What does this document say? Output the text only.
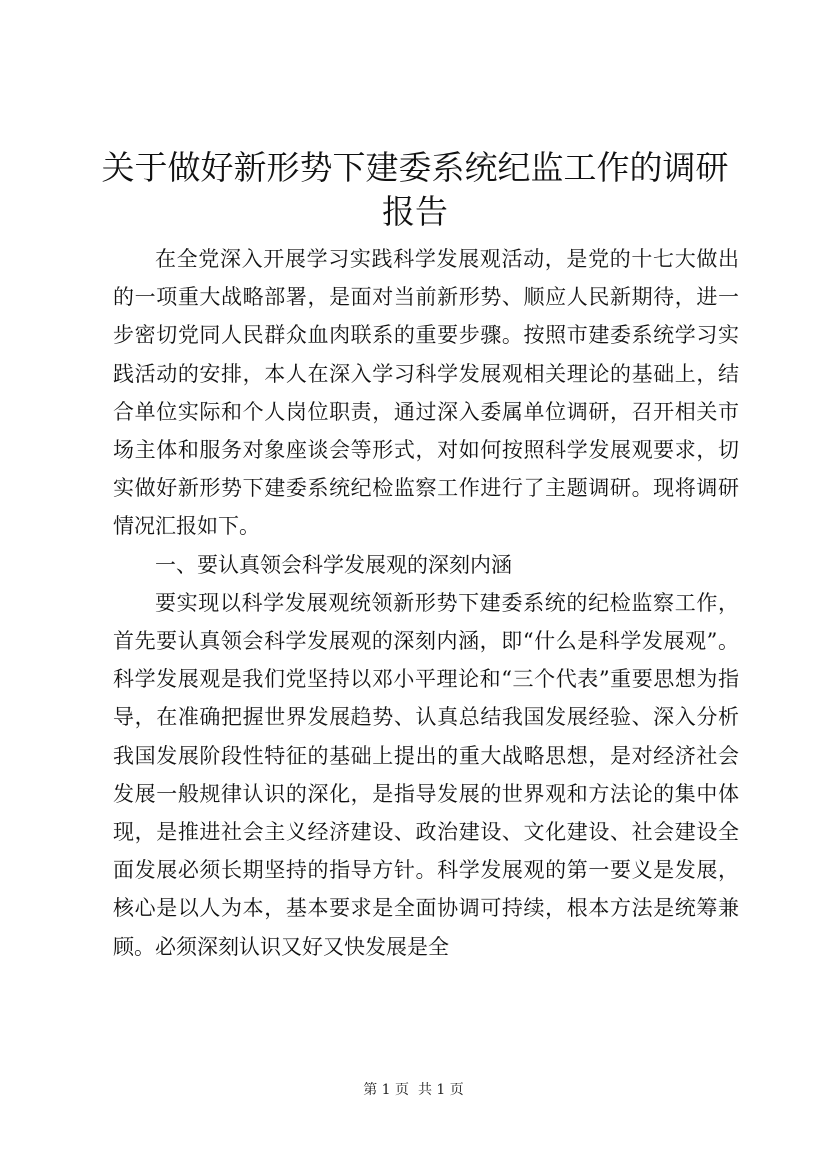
关于做好新形势下建委系统纪监工作的调研报告

在全党深入开展学习实践科学发展观活动，是党的十七大做出的一项重大战略部署，是面对当前新形势、顺应人民新期待，进一步密切党同人民群众血肉联系的重要步骤。按照市建委系统学习实践活动的安排，本人在深入学习科学发展观相关理论的基础上，结合单位实际和个人岗位职责，通过深入委属单位调研，召开相关市场主体和服务对象座谈会等形式，对如何按照科学发展观要求，切实做好新形势下建委系统纪检监察工作进行了主题调研。现将调研情况汇报如下。

一、要认真领会科学发展观的深刻内涵

要实现以科学发展观统领新形势下建委系统的纪检监察工作，首先要认真领会科学发展观的深刻内涵，即“什么是科学发展观”。科学发展观是我们党坚持以邓小平理论和“三个代表”重要思想为指导，在准确把握世界发展趋势、认真总结我国发展经验、深入分析我国发展阶段性特征的基础上提出的重大战略思想，是对经济社会发展一般规律认识的深化，是指导发展的世界观和方法论的集中体现，是推进社会主义经济建设、政治建设、文化建设、社会建设全面发展必须长期坚持的指导方针。科学发展观的第一要义是发展，核心是以人为本，基本要求是全面协调可持续，根本方法是统筹兼顾。必须深刻认识又好又快发展是全

第 1 页  共 1 页
